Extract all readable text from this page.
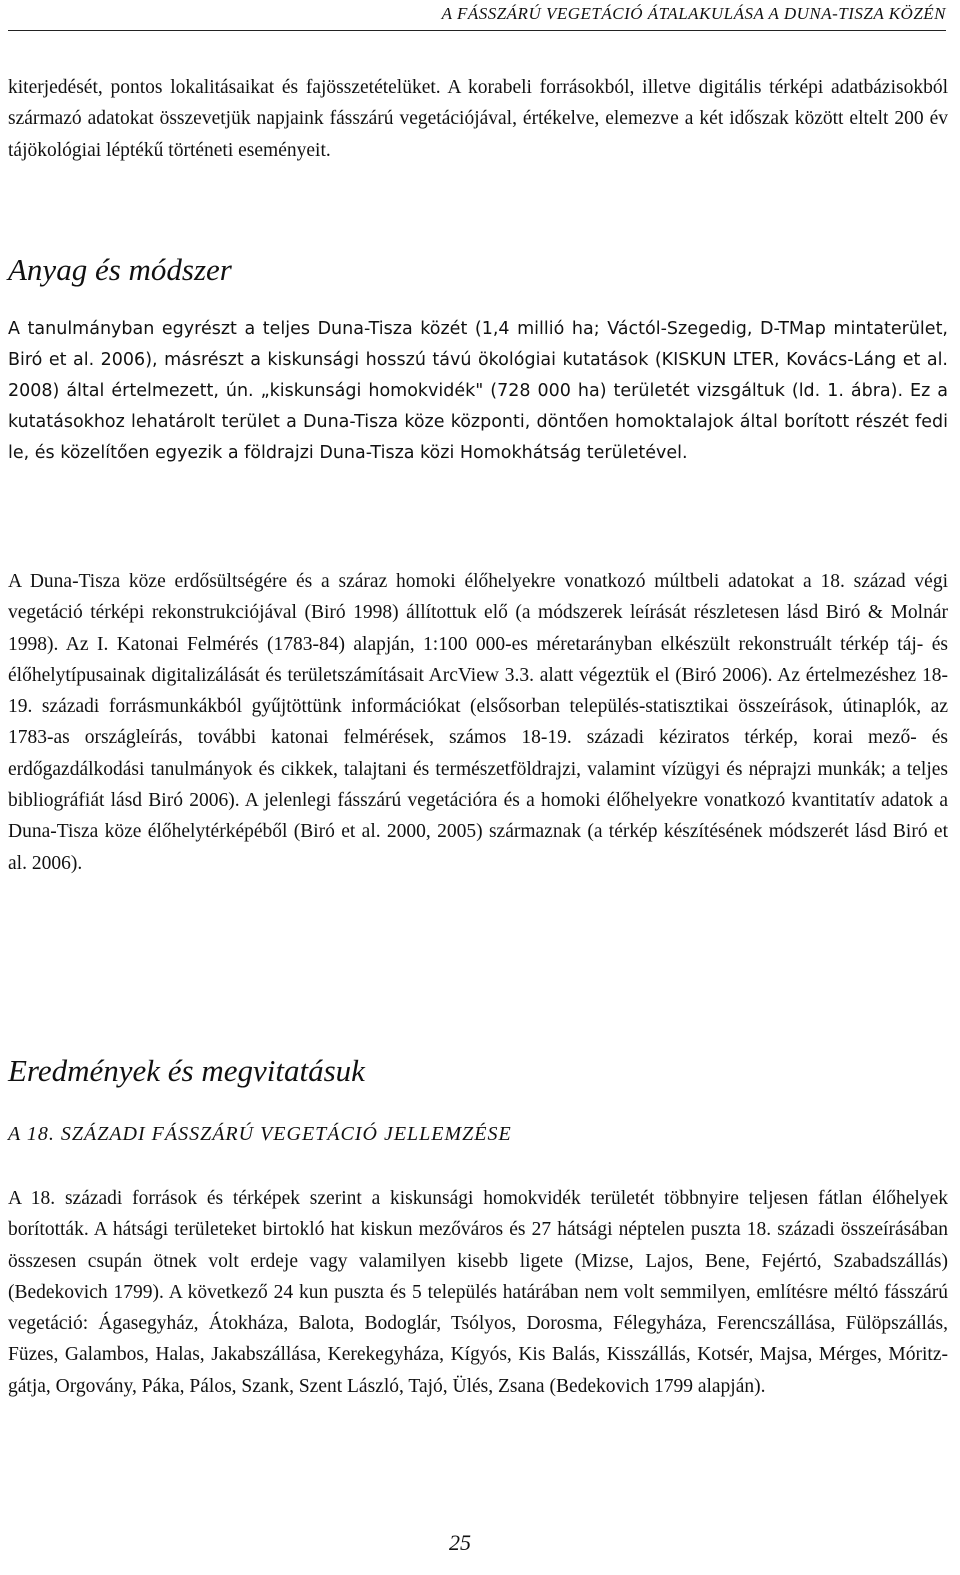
A FÁSSZÁRÚ VEGETÁCIÓ ÁTALAKULÁSA A DUNA-TISZA KÖZÉN

kiterjedését, pontos lokalitásaikat és fajösszetételüket. A korabeli forrásokból, illetve digitális térképi adatbázisokból származó adatokat összevetjük napjaink fásszárú vegetációjával, értékelve, elemezve a két időszak között eltelt 200 év tájökológiai léptékű történeti eseményeit.

Anyag és módszer

A tanulmányban egyrészt a teljes Duna-Tisza közét (1,4 millió ha; Váctól-Szegedig, D-TMap mintaterület, Biró et al. 2006), másrészt a kiskunsági hosszú távú ökológiai kutatások (KISKUN LTER, Kovács-Láng et al. 2008) által értelmezett, ún. „kiskunsági homokvidék" (728 000 ha) területét vizsgáltuk (ld. 1. ábra). Ez a kutatásokhoz lehatárolt terület a Duna-Tisza köze központi, döntően homoktalajok által borított részét fedi le, és közelítően egyezik a földrajzi Duna-Tisza közi Homokhátság területével.

A Duna-Tisza köze erdősültségére és a száraz homoki élőhelyekre vonatkozó múltbeli adatokat a 18. század végi vegetáció térképi rekonstrukciójával (Biró 1998) állítottuk elő (a módszerek leírását részletesen lásd Biró & Molnár 1998). Az I. Katonai Felmérés (1783-84) alapján, 1:100 000-es méretarányban elkészült rekonstruált térkép táj- és élőhelytípusainak digitalizálását és területszámításait ArcView 3.3. alatt végeztük el (Biró 2006). Az értelmezéshez 18-19. századi forrásmunkákból gyűjtöttünk információkat (elsősorban település-statisztikai összeírások, útinaplók, az 1783-as országleírás, további katonai felmérések, számos 18-19. századi kéziratos térkép, korai mező- és erdőgazdálkodási tanulmányok és cikkek, talajtani és természetföldrajzi, valamint vízügyi és néprajzi munkák; a teljes bibliográfiát lásd Biró 2006). A jelenlegi fásszárú vegetációra és a homoki élőhelyekre vonatkozó kvantitatív adatok a Duna-Tisza köze élőhelytérképéből (Biró et al. 2000, 2005) származnak (a térkép készítésének módszerét lásd Biró et al. 2006).

Eredmények és megvitatásuk
A 18. SZÁZADI FÁSSZÁRÚ VEGETÁCIÓ JELLEMZÉSE

A 18. századi források és térképek szerint a kiskunsági homokvidék területét többnyire teljesen fátlan élőhelyek borították. A hátsági területeket birtokló hat kiskun mezőváros és 27 hátsági néptelen puszta 18. századi összeírásában összesen csupán ötnek volt erdeje vagy valamilyen kisebb ligete (Mizse, Lajos, Bene, Fejértó, Szabadszállás) (Bedekovich 1799). A következő 24 kun puszta és 5 település határában nem volt semmilyen, említésre méltó fásszárú vegetáció: Ágasegyház, Átokháza, Balota, Bodoglár, Tsólyos, Dorosma, Félegyháza, Ferencszállása, Fülöpszállás, Füzes, Galambos, Halas, Jakabszállása, Kerekegyháza, Kígyós, Kis Balás, Kisszállás, Kotsér, Majsa, Mérges, Móritz-gátja, Orgovány, Páka, Pálos, Szank, Szent László, Tajó, Ülés, Zsana (Bedekovich 1799 alapján).

25
